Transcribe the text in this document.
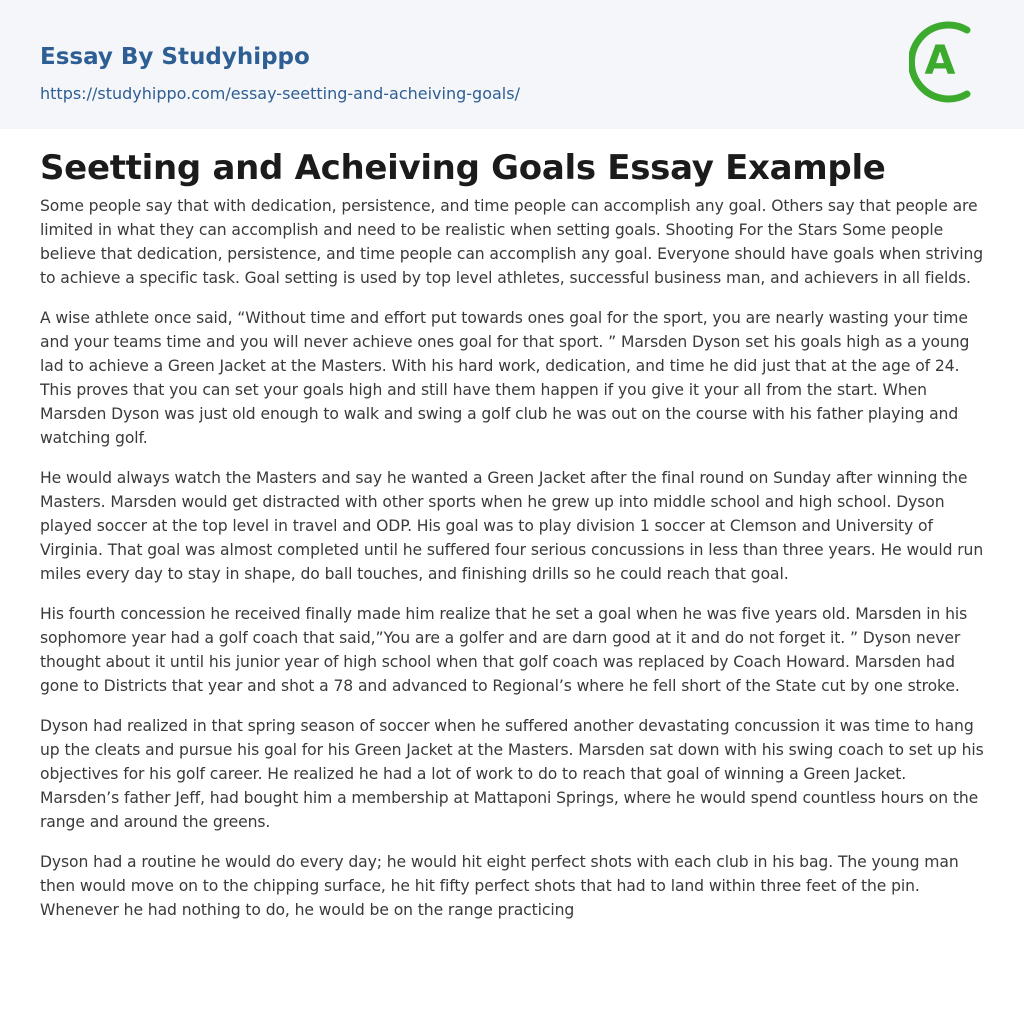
Essay By Studyhippo
https://studyhippo.com/essay-seetting-and-acheiving-goals/
A
Seetting and Acheiving Goals Essay Example

Some people say that with dedication, persistence, and time people can accomplish any goal. Others say that people are limited in what they can accomplish and need to be realistic when setting goals. Shooting For the Stars Some people believe that dedication, persistence, and time people can accomplish any goal. Everyone should have goals when striving to achieve a specific task. Goal setting is used by top level athletes, successful business man, and achievers in all fields.

A wise athlete once said, “Without time and effort put towards ones goal for the sport, you are nearly wasting your time and your teams time and you will never achieve ones goal for that sport. ” Marsden Dyson set his goals high as a young lad to achieve a Green Jacket at the Masters. With his hard work, dedication, and time he did just that at the age of 24. This proves that you can set your goals high and still have them happen if you give it your all from the start. When Marsden Dyson was just old enough to walk and swing a golf club he was out on the course with his father playing and watching golf.

He would always watch the Masters and say he wanted a Green Jacket after the final round on Sunday after winning the Masters. Marsden would get distracted with other sports when he grew up into middle school and high school. Dyson played soccer at the top level in travel and ODP. His goal was to play division 1 soccer at Clemson and University of Virginia. That goal was almost completed until he suffered four serious concussions in less than three years. He would run miles every day to stay in shape, do ball touches, and finishing drills so he could reach that goal.

His fourth concession he received finally made him realize that he set a goal when he was five years old. Marsden in his sophomore year had a golf coach that said,”You are a golfer and are darn good at it and do not forget it. ” Dyson never thought about it until his junior year of high school when that golf coach was replaced by Coach Howard. Marsden had gone to Districts that year and shot a 78 and advanced to Regional’s where he fell short of the State cut by one stroke.

Dyson had realized in that spring season of soccer when he suffered another devastating concussion it was time to hang up the cleats and pursue his goal for his Green Jacket at the Masters. Marsden sat down with his swing coach to set up his objectives for his golf career. He realized he had a lot of work to do to reach that goal of winning a Green Jacket. Marsden’s father Jeff, had bought him a membership at Mattaponi Springs, where he would spend countless hours on the range and around the greens.

Dyson had a routine he would do every day; he would hit eight perfect shots with each club in his bag. The young man then would move on to the chipping surface, he hit fifty perfect shots that had to land within three feet of the pin. Whenever he had nothing to do, he would be on the range practicing
